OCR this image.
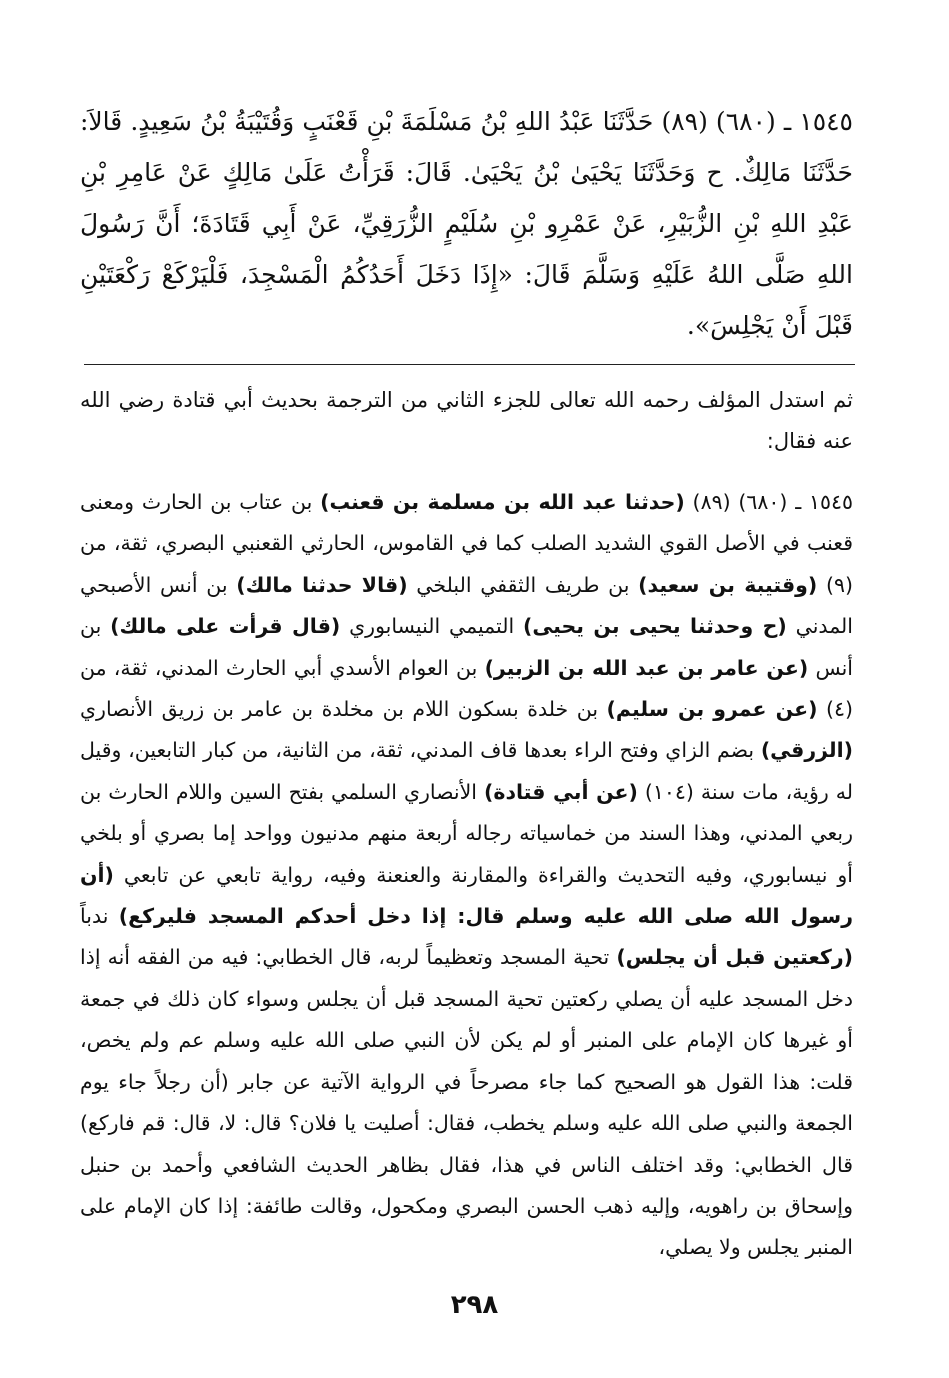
١٥٤٥ ـ (٦٨٠) (٨٩) حَدَّثَنَا عَبْدُ اللهِ بْنُ مَسْلَمَةَ بْنِ قَعْنَبٍ وَقُتَيْبَةُ بْنُ سَعِيدٍ. قَالاَ: حَدَّثَنَا مَالِكٌ. ح وَحَدَّثَنَا يَحْيَىٰ بْنُ يَحْيَىٰ. قَالَ: قَرَأْتُ عَلَىٰ مَالِكٍ عَنْ عَامِرِ بْنِ عَبْدِ اللهِ بْنِ الزُّبَيْرِ، عَنْ عَمْرِو بْنِ سُلَيْمٍ الزُّرَقِيِّ، عَنْ أَبِي قَتَادَةَ؛ أَنَّ رَسُولَ اللهِ صَلَّى اللهُ عَلَيْهِ وَسَلَّمَ قَالَ: «إِذَا دَخَلَ أَحَدُكُمُ الْمَسْجِدَ، فَلْيَرْكَعْ رَكْعَتَيْنِ قَبْلَ أَنْ يَجْلِسَ».

ثم استدل المؤلف رحمه الله تعالى للجزء الثاني من الترجمة بحديث أبي قتادة رضي الله عنه فقال:

١٥٤٥ ـ (٦٨٠) (٨٩) (حدثنا عبد الله بن مسلمة بن قعنب) بن عتاب بن الحارث ومعنى قعنب في الأصل القوي الشديد الصلب كما في القاموس، الحارثي القعنبي البصري، ثقة، من (٩) (وقتيبة بن سعيد) بن طريف الثقفي البلخي (قالا حدثنا مالك) بن أنس الأصبحي المدني (ح وحدثنا يحيى بن يحيى) التميمي النيسابوري (قال قرأت على مالك) بن أنس (عن عامر بن عبد الله بن الزبير) بن العوام الأسدي أبي الحارث المدني، ثقة، من (٤) (عن عمرو بن سليم) بن خلدة بسكون اللام بن مخلدة بن عامر بن زريق الأنصاري (الزرقي) بضم الزاي وفتح الراء بعدها قاف المدني، ثقة، من الثانية، من كبار التابعين، وقيل له رؤية، مات سنة (١٠٤) (عن أبي قتادة) الأنصاري السلمي بفتح السين واللام الحارث بن ربعي المدني، وهذا السند من خماسياته رجاله أربعة منهم مدنيون وواحد إما بصري أو بلخي أو نيسابوري، وفيه التحديث والقراءة والمقارنة والعنعنة وفيه، رواية تابعي عن تابعي (أن رسول الله صلى الله عليه وسلم قال: إذا دخل أحدكم المسجد فليركع) ندباً (ركعتين قبل أن يجلس) تحية المسجد وتعظيماً لربه، قال الخطابي: فيه من الفقه أنه إذا دخل المسجد عليه أن يصلي ركعتين تحية المسجد قبل أن يجلس وسواء كان ذلك في جمعة أو غيرها كان الإمام على المنبر أو لم يكن لأن النبي صلى الله عليه وسلم عم ولم يخص، قلت: هذا القول هو الصحيح كما جاء مصرحاً في الرواية الآتية عن جابر (أن رجلاً جاء يوم الجمعة والنبي صلى الله عليه وسلم يخطب، فقال: أصليت يا فلان؟ قال: لا، قال: قم فاركع) قال الخطابي: وقد اختلف الناس في هذا، فقال بظاهر الحديث الشافعي وأحمد بن حنبل وإسحاق بن راهويه، وإليه ذهب الحسن البصري ومكحول، وقالت طائفة: إذا كان الإمام على المنبر يجلس ولا يصلي،

٢٩٨
